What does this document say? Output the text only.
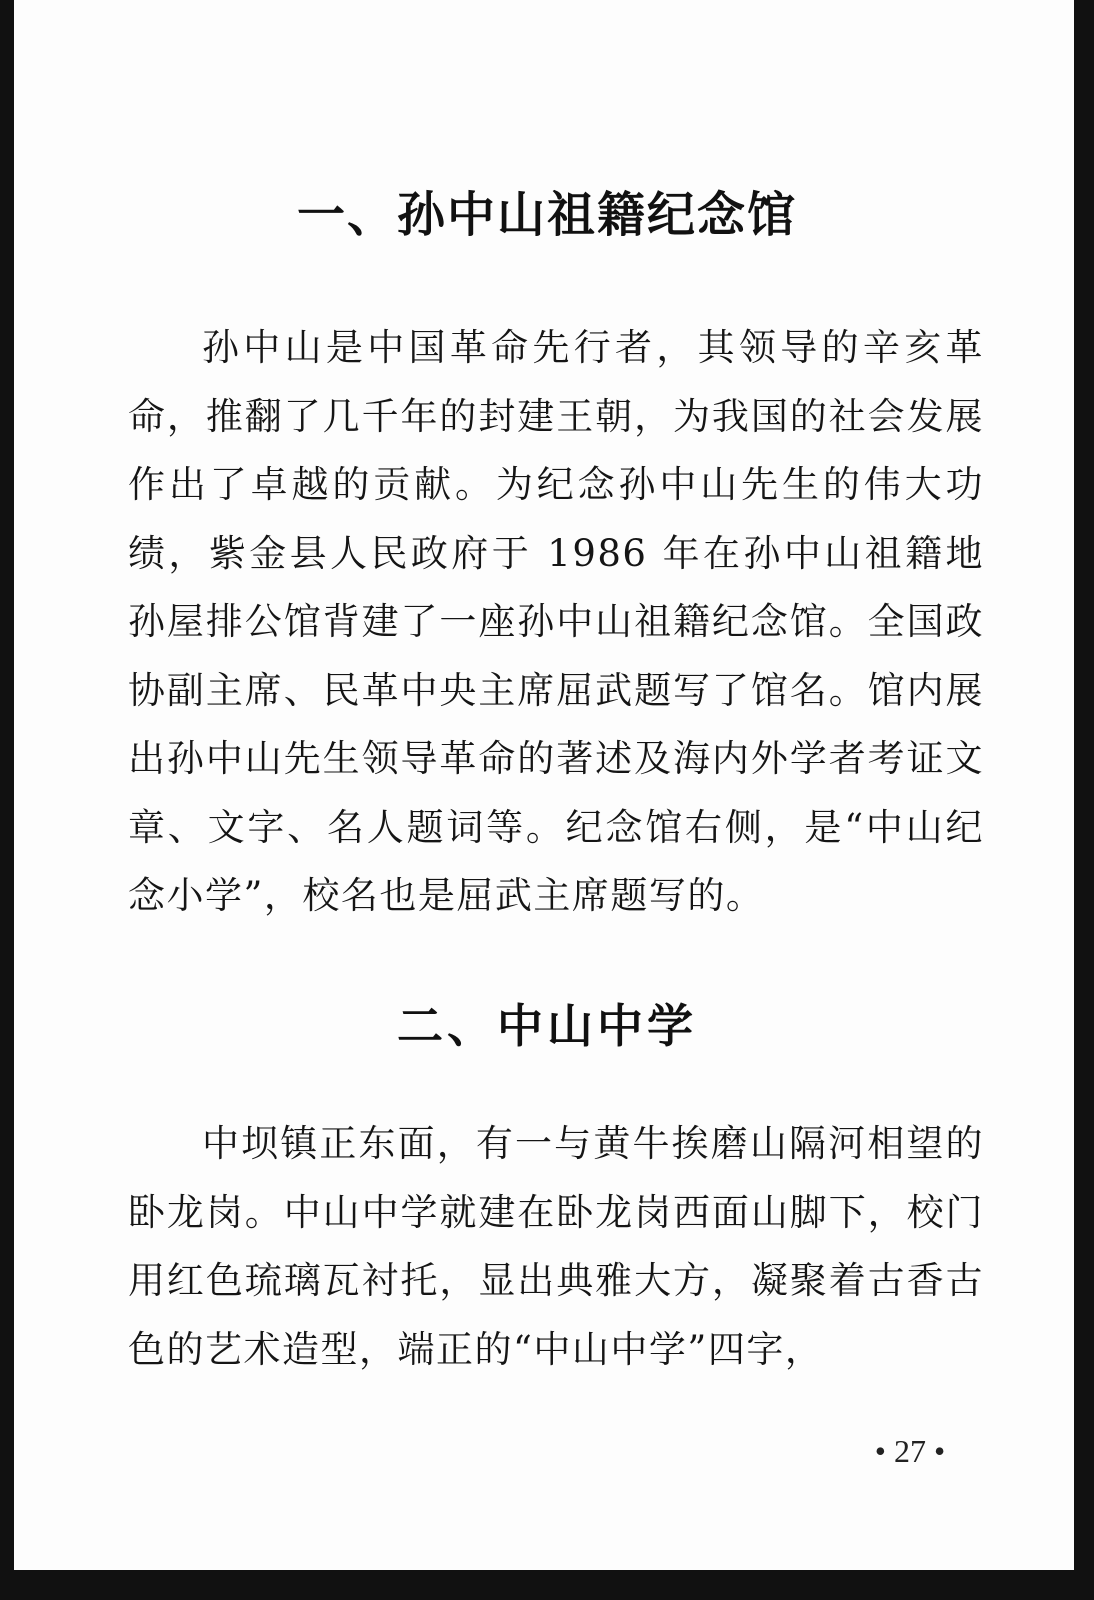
一、孙中山祖籍纪念馆

孙中山是中国革命先行者，其领导的辛亥革命，推翻了几千年的封建王朝，为我国的社会发展作出了卓越的贡献。为纪念孙中山先生的伟大功绩，紫金县人民政府于 1986 年在孙中山祖籍地孙屋排公馆背建了一座孙中山祖籍纪念馆。全国政协副主席、民革中央主席屈武题写了馆名。馆内展出孙中山先生领导革命的著述及海内外学者考证文章、文字、名人题词等。纪念馆右侧，是“中山纪念小学”，校名也是屈武主席题写的。

二、中山中学

中坝镇正东面，有一与黄牛挨磨山隔河相望的卧龙岗。中山中学就建在卧龙岗西面山脚下，校门用红色琉璃瓦衬托，显出典雅大方，凝聚着古香古色的艺术造型，端正的“中山中学”四字，

• 27 •
